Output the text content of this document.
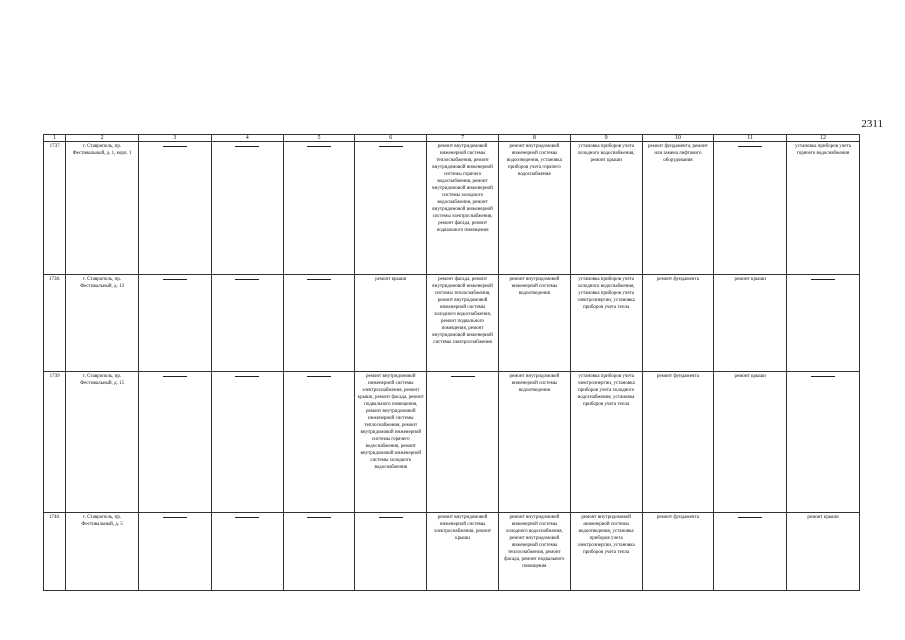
2311
1	2	3	4	5	6	7	8	9	10	11	12
1737	г. Ставрополь, пр. Фестивальный, д. 1, корп. 1					ремонт внутридомовой инженерной системы теплоснабжения, ремонт внутридомовой инженерной системы горячего водоснабжения, ремонт внутридомовой инженерной системы холодного водоснабжения, ремонт внутридомовой инженерной системы электроснабжения, ремонт фасада, ремонт подвального помещения	ремонт внутридомовой инженерной системы водоотведения, установка приборов учета горячего водоснабжения	установка приборов учета холодного водоснабжения, ремонт крыши	ремонт фундамента, ремонт или замена лифтового оборудования		установка приборов учета горячего водоснабжения
1738.	г. Ставрополь, пр. Фестивальный, д. 13				ремонт крыши	ремонт фасада, ремонт внутридомовой инженерной системы теплоснабжения, ремонт внутридомовой инженерной системы холодного водоснабжения, ремонт подвального помещения, ремонт внутридомовой инженерной системы электроснабжения	ремонт внутридомовой инженерной системы водоотведения	установка приборов учета холодного водоснабжения, установка приборов учета электроэнергии, установка приборов учета тепла	ремонт фундамента	ремонт крыши	

1739	г. Ставрополь, пр. Фестивальный, д. 15				ремонт внутридомовой инженерной системы электроснабжения, ремонт крыши, ремонт фасада, ремонт подвального помещения, ремонт внутридомовой инженерной системы теплоснабжения, ремонт внутридомовой инженерной системы горячего водоснабжения, ремонт внутридомовой инженерной системы холодного водоснабжения		ремонт внутридомовой инженерной системы водоотведения	установка приборов учета электроэнергии, установка приборов учета холодного водоснабжения, установка приборов учета тепла	ремонт фундамента	ремонт крыши	

1740.	г. Ставрополь, пр. Фестивальный, д. 5					ремонт внутридомовой инженерной системы электроснабжения, ремонт крыши	ремонт внутридомовой инженерной системы холодного водоснабжения, ремонт внутридомовой инженерной системы теплоснабжения, ремонт фасада, ремонт подвального помещения	ремонт внутридомовой инженерной системы водоотведения, установка приборов учета электроэнергии, установка приборов учета тепла	ремонт фундамента		ремонт крыши
